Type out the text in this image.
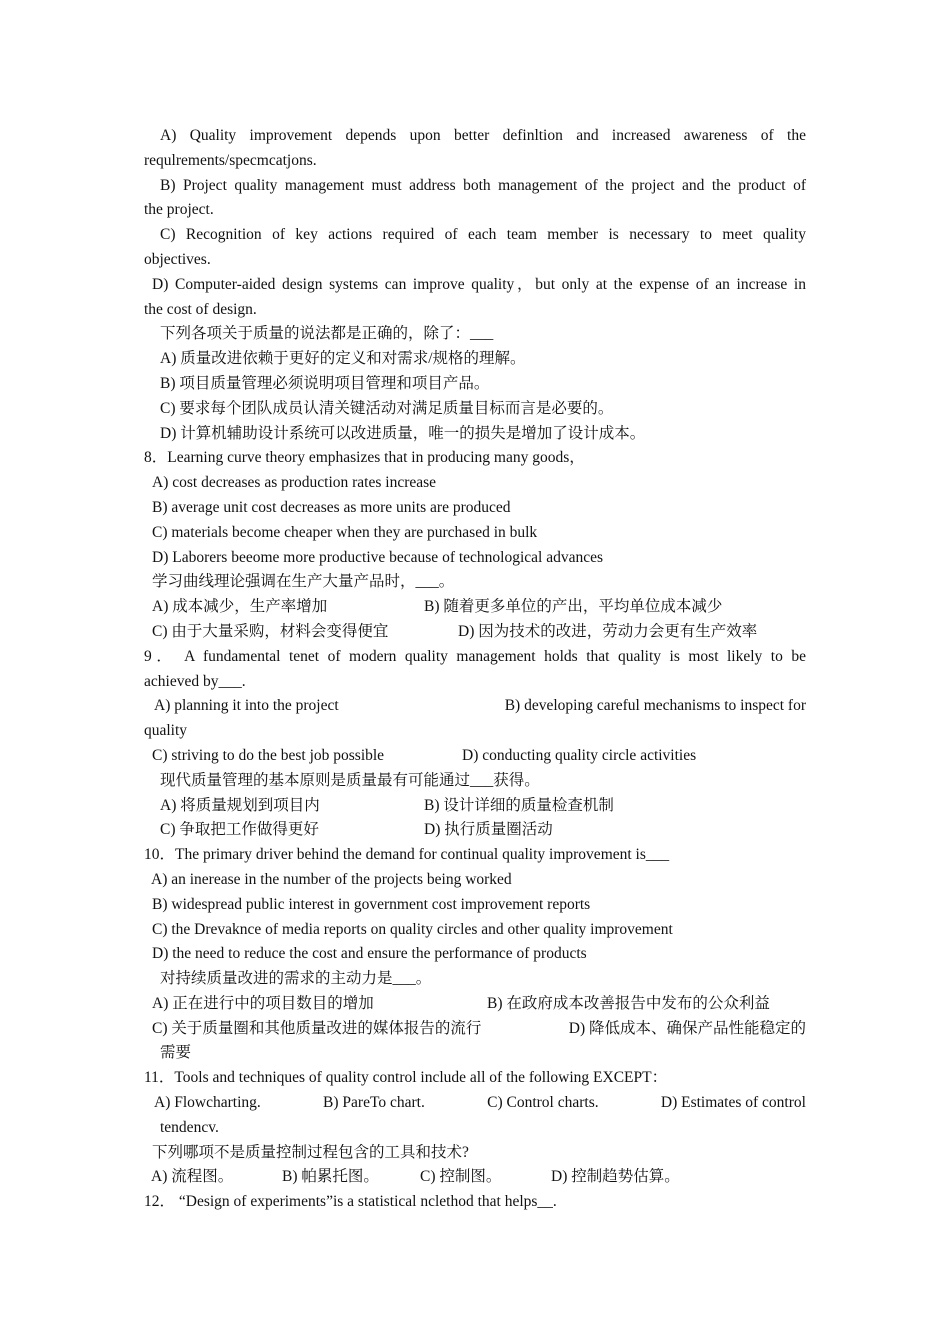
A) Quality improvement depends upon better definltion and increased awareness of the
requlrements/specmcatjons.
B) Project quality management must address both management of the project and the product of
the project.
C) Recognition of key actions required of each team member is necessary to meet quality
objectives.
D) Computer-aided design systems can improve quality，but only at the expense of an increase in
the cost of design.
下列各项关于质量的说法都是正确的，除了：___
A) 质量改进依赖于更好的定义和对需求/规格的理解。
B) 项目质量管理必须说明项目管理和项目产品。
C) 要求每个团队成员认清关键活动对满足质量目标而言是必要的。
D) 计算机辅助设计系统可以改进质量，唯一的损失是增加了设计成本。
8．Learning curve theory emphasizes that in producing many goods，
A) cost decreases as production rates increase
B) average unit cost decreases as more units are produced
C) materials become cheaper when they are purchased in bulk
D) Laborers beeome more productive because of technological advances
学习曲线理论强调在生产大量产品时，___。
A) 成本减少，生产率增加	B) 随着更多单位的产出，平均单位成本减少
C) 由于大量采购，材料会变得便宜	D) 因为技术的改进，劳动力会更有生产效率
9． A fundamental tenet of modern quality management holds that quality is most likely to be
achieved by___.
A) planning it into the project	B) developing careful mechanisms to inspect for
quality
C) striving to do the best job possible	D) conducting quality circle activities
现代质量管理的基本原则是质量最有可能通过___获得。
A) 将质量规划到项目内	B) 设计详细的质量检查机制
C) 争取把工作做得更好	D) 执行质量圈活动
10．The primary driver behind the demand for continual quality improvement is___
A) an inerease in the number of the projects being worked
B) widespread public interest in government cost improvement reports
C) the Drevaknce of media reports on quality circles and other quality improvement
D) the need to reduce the cost and ensure the performance of products
对持续质量改进的需求的主动力是___。
A) 正在进行中的项目数目的增加	B) 在政府成本改善报告中发布的公众利益
C) 关于质量圈和其他质量改进的媒体报告的流行	D) 降低成本、确保产品性能稳定的
需要
11．Tools and techniques of quality control include all of the following EXCEPT：
A) Flowcharting.	B) PareTo chart.	C) Control charts.	D) Estimates of control
tendencv.
下列哪项不是质量控制过程包含的工具和技术?
A) 流程图。	B) 帕累托图。	C) 控制图。	D) 控制趋势估算。
12． “Design of experiments”is a statistical nclethod that helps__.
